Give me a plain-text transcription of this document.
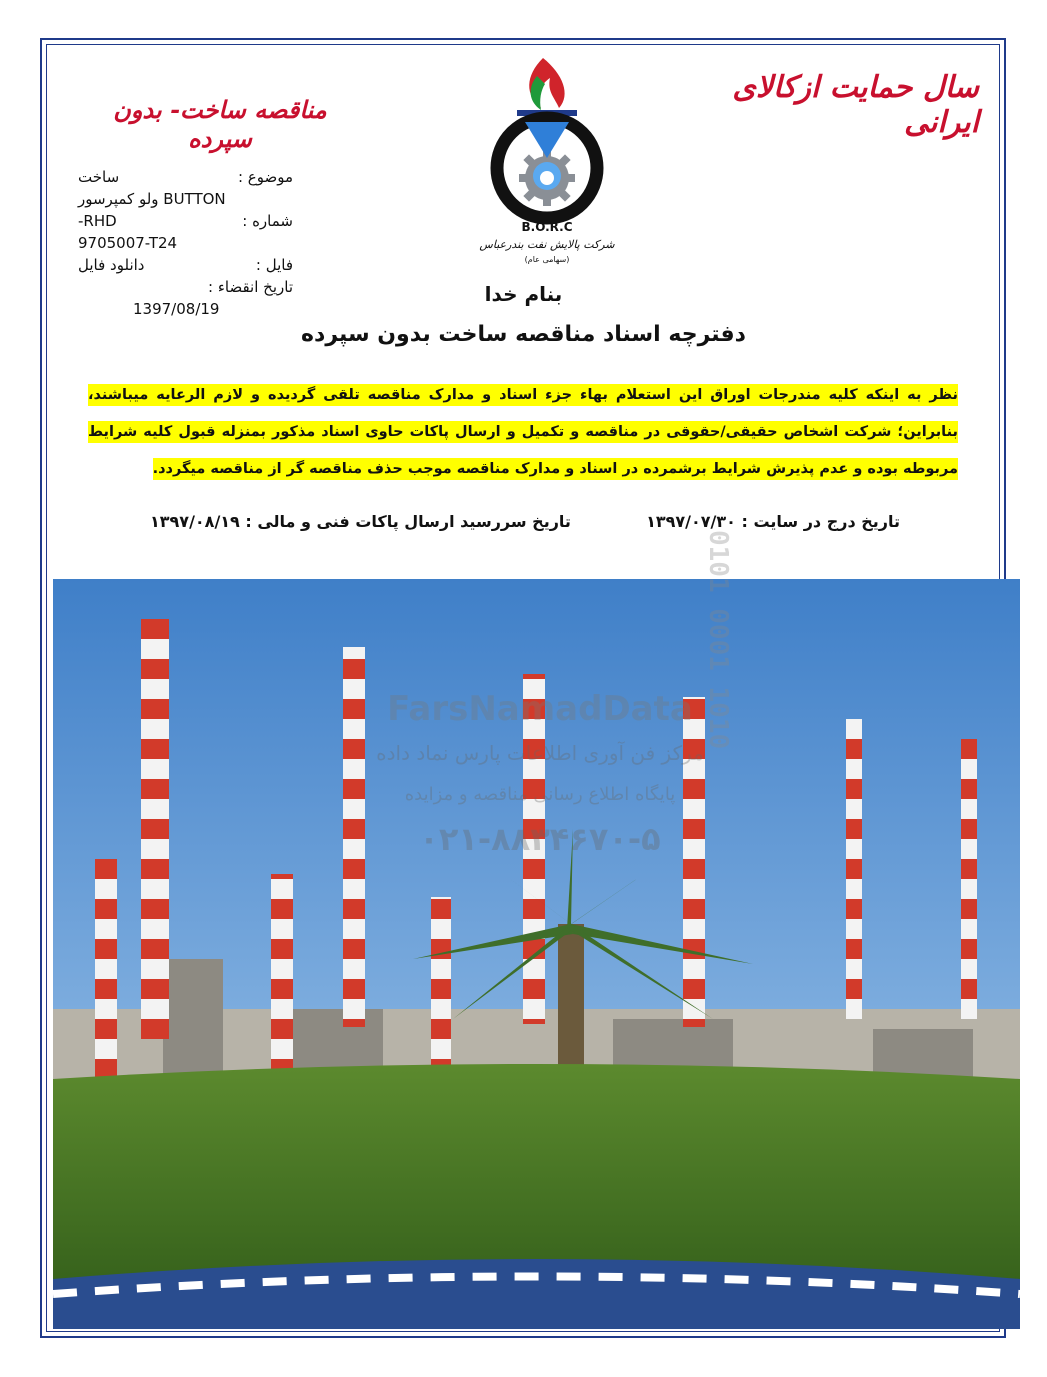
سال حمایت ازکالای ایرانی
مناقصه ساخت- بدون سپرده
B.O.R.C
شرکت پالایش نفت بندرعباس
(سهامی عام)
موضوع :
ساخت
ولو کمپرسور BUTTON
شماره :
RHD-
9705007-T24
فایل :
دانلود فایل
تاریخ انقضاء :
1397/08/19
بنام خدا
دفترچه اسناد مناقصه ساخت بدون سپرده
نظر به اینکه کلیه مندرجات اوراق این استعلام بهاء جزء اسناد و مدارک مناقصه تلقی گردیده و لازم الرعایه میباشند، بنابراین؛ شرکت اشخاص حقیقی/حقوقی در مناقصه و تکمیل و ارسال پاکات حاوی اسناد مذکور بمنزله قبول کلیه شرایط مربوطه بوده و عدم پذیرش شرایط برشمرده در اسناد و مدارک مناقصه موجب حذف مناقصه گر از مناقصه میگردد.
تاریخ درج در سایت : ۱۳۹۷/۰۷/۳۰
تاریخ سررسید ارسال پاکات فنی و مالی : ۱۳۹۷/۰۸/۱۹
0101 0001 1010
FarsNamadData
مرکز فن آوری اطلاعات پارس نماد داده
پایگاه اطلاع رسانی مناقصه و مزایده
۰۲۱-۸۸۳۴۶۷۰-۵
